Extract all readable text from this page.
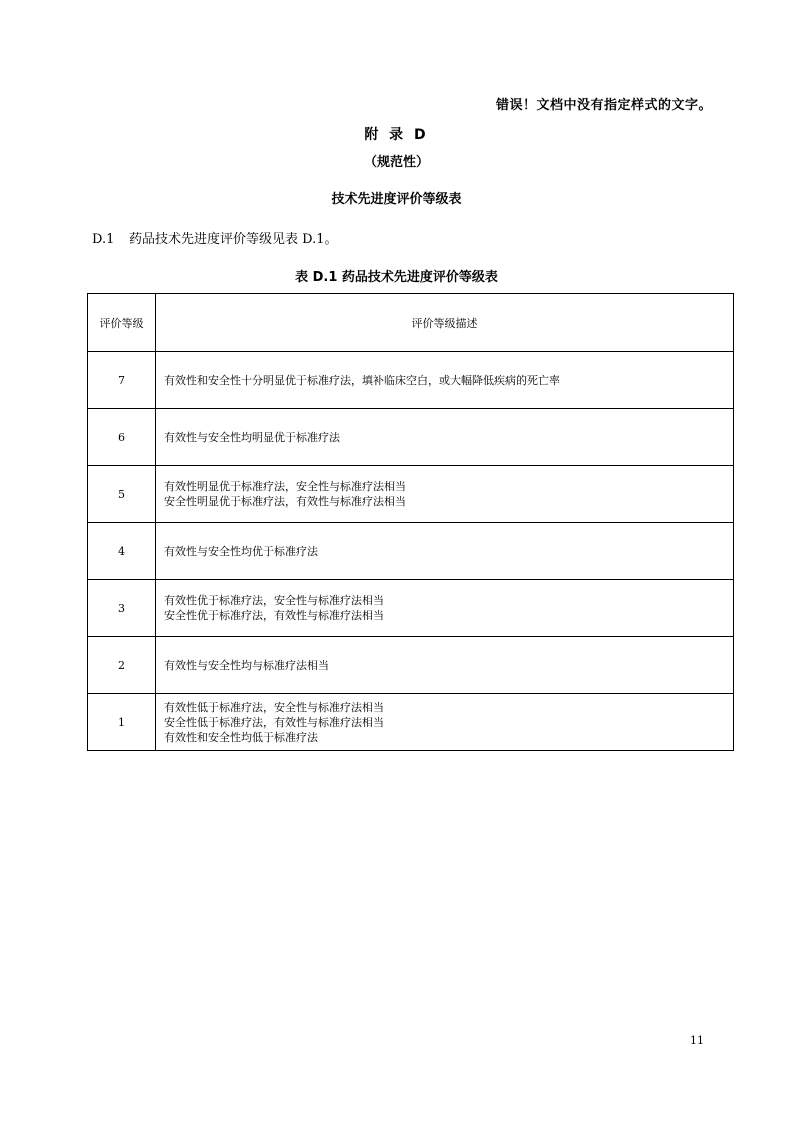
错误！文档中没有指定样式的文字。
附 录 D
（规范性）
技术先进度评价等级表
D.1 药品技术先进度评价等级见表 D.1。
表 D.1 药品技术先进度评价等级表
评价等级	评价等级描述
7	有效性和安全性十分明显优于标准疗法，填补临床空白，或大幅降低疾病的死亡率

6	有效性与安全性均明显优于标准疗法

5	有效性明显优于标准疗法，安全性与标准疗法相当
安全性明显优于标准疗法，有效性与标准疗法相当

4	有效性与安全性均优于标准疗法

3	有效性优于标准疗法，安全性与标准疗法相当
安全性优于标准疗法，有效性与标准疗法相当

2	有效性与安全性均与标准疗法相当

1	有效性低于标准疗法，安全性与标准疗法相当
安全性低于标准疗法，有效性与标准疗法相当
有效性和安全性均低于标准疗法
11
